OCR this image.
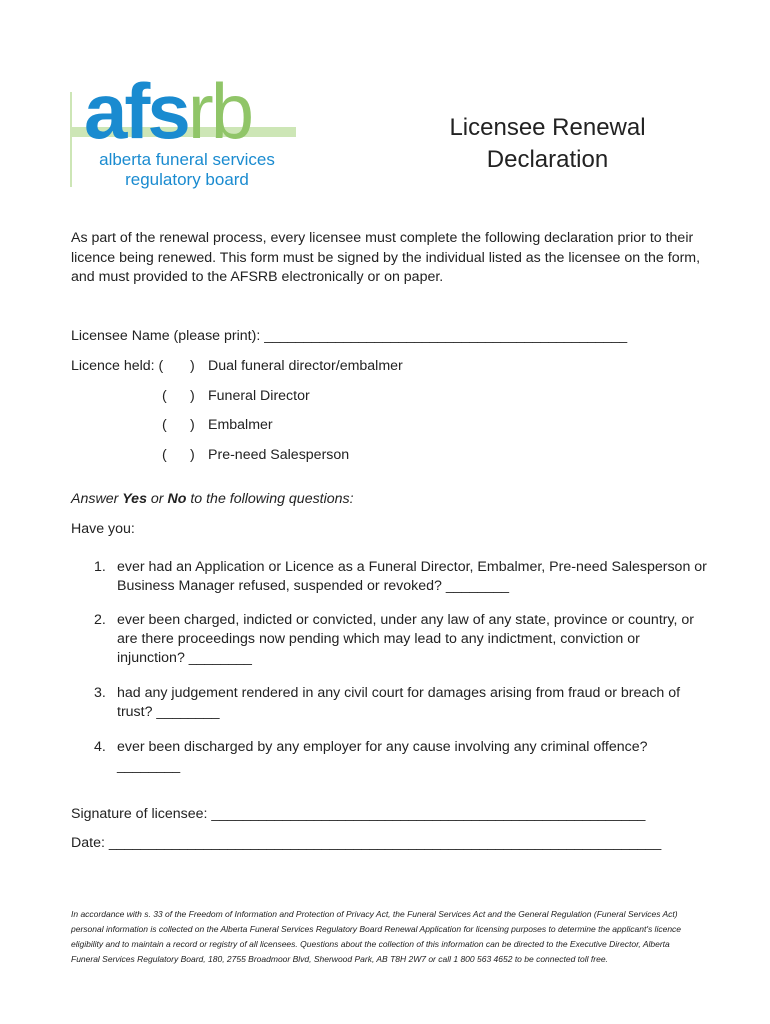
afsrb
alberta funeral services
regulatory board
Licensee Renewal Declaration
As part of the renewal process, every licensee must complete the following declaration prior to their licence being renewed. This form must be signed by the individual listed as the licensee on the form, and must provided to the AFSRB electronically or on paper.
Licensee Name (please print): ______________________________________________
Licence held: ( ) Dual funeral director/embalmer
( ) Funeral Director
( ) Embalmer
( ) Pre-need Salesperson
Answer Yes or No to the following questions:
Have you:
1. ever had an Application or Licence as a Funeral Director, Embalmer, Pre-need Salesperson or Business Manager refused, suspended or revoked? ________
2. ever been charged, indicted or convicted, under any law of any state, province or country, or are there proceedings now pending which may lead to any indictment, conviction or injunction? ________
3. had any judgement rendered in any civil court for damages arising from fraud or breach of trust? ________
4. ever been discharged by any employer for any cause involving any criminal offence? ________
Signature of licensee: _______________________________________________________
Date: ______________________________________________________________________
In accordance with s. 33 of the Freedom of Information and Protection of Privacy Act, the Funeral Services Act and the General Regulation (Funeral Services Act) personal information is collected on the Alberta Funeral Services Regulatory Board Renewal Application for licensing purposes to determine the applicant's licence eligibility and to maintain a record or registry of all licensees. Questions about the collection of this information can be directed to the Executive Director, Alberta Funeral Services Regulatory Board, 180, 2755 Broadmoor Blvd, Sherwood Park, AB T8H 2W7 or call 1 800 563 4652 to be connected toll free.
